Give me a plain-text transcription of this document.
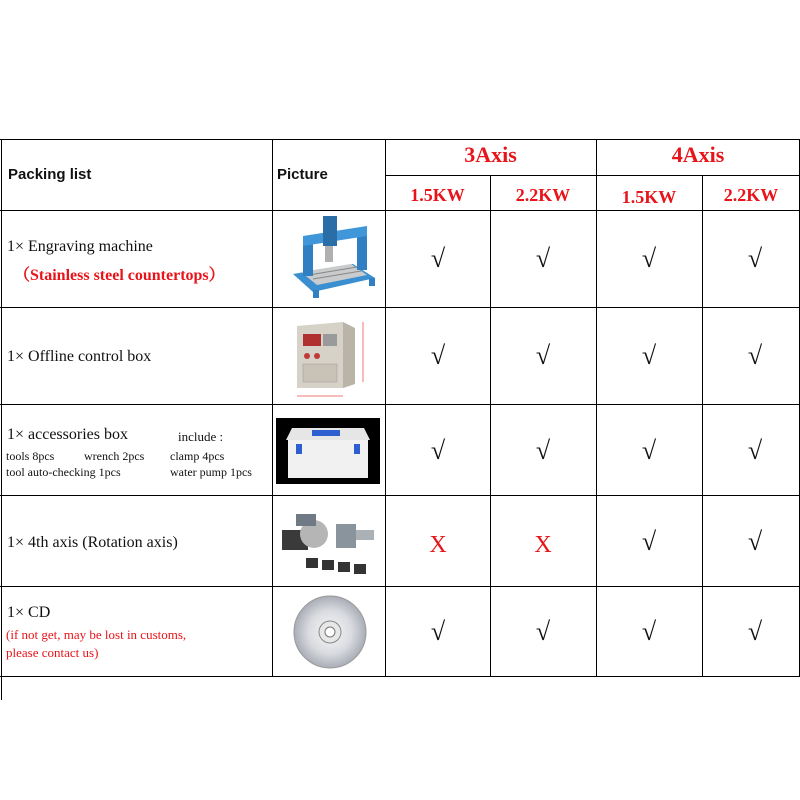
Packing list	Picture
3Axis	4Axis
1.5KW	2.2KW	1.5KW	2.2KW
1× Engraving machine
（Stainless steel countertops）
√	√	√	√
1× Offline control box	√	√	√	√
1× accessories box	include :
tools 8pcs wrench 2pcs clamp 4pcs
tool auto-checking 1pcs	water pump 1pcs
√	√	√	√
1× 4th axis (Rotation axis)	X	X	√	√
1× CD
(if not get, may be lost in customs,
please contact us)
√	√	√	√
